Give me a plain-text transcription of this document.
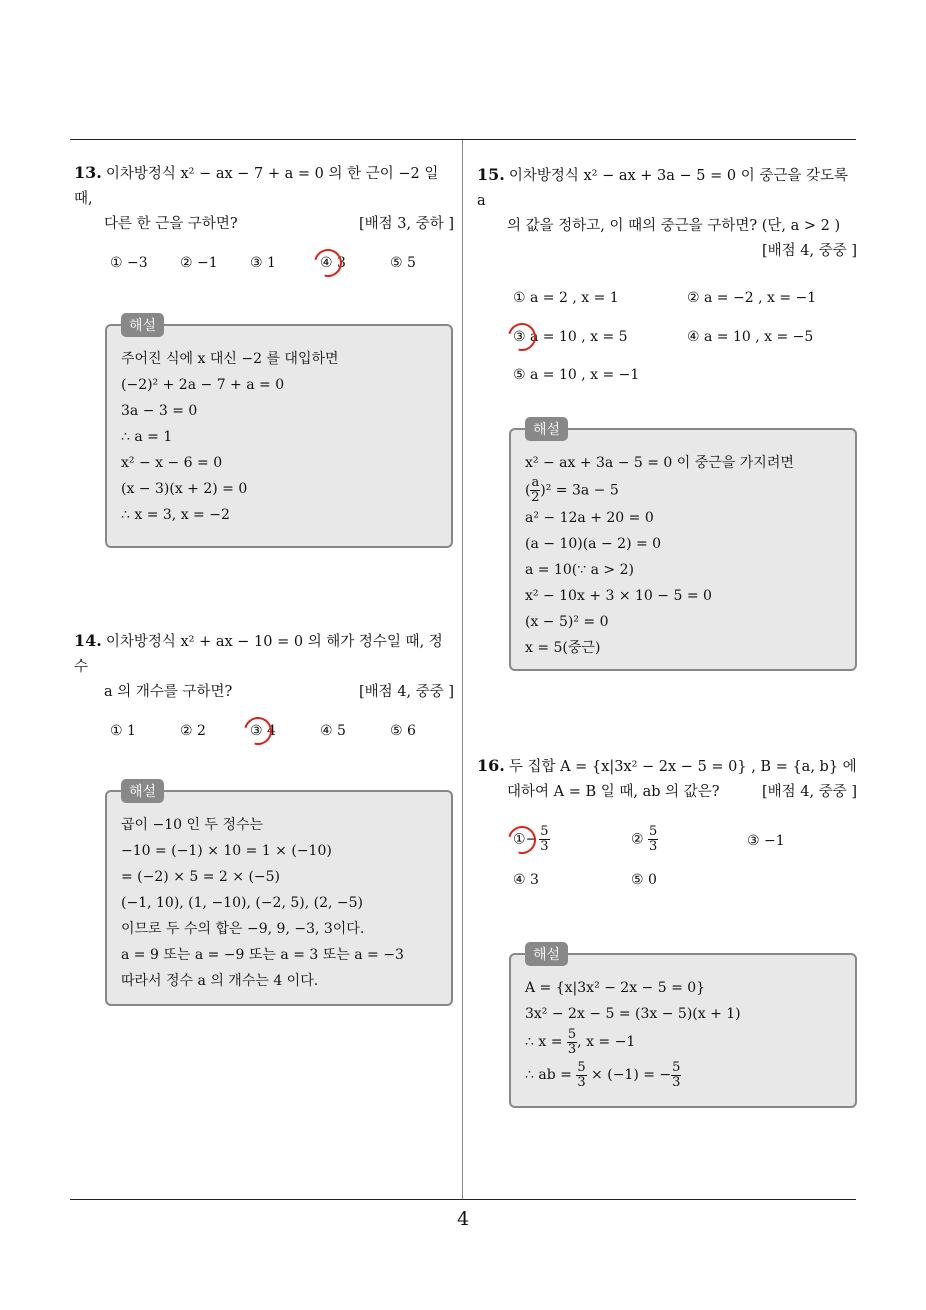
4
13. 이차방정식 x² − ax − 7 + a = 0 의 한 근이 −2 일 때,
다른 한 근을 구하면?	[배점 3, 중하 ]
① −3 ② −1 ③ 1	④ 3	⑤ 5
해설
주어진 식에 x 대신 −2 를 대입하면
(−2)² + 2a − 7 + a = 0
3a − 3 = 0
∴ a = 1
x² − x − 6 = 0
(x − 3)(x + 2) = 0
∴ x = 3, x = −2
14. 이차방정식 x² + ax − 10 = 0 의 해가 정수일 때, 정수
a 의 개수를 구하면?	[배점 4, 중중 ]
① 1	② 2	③ 4	④ 5	⑤ 6
해설
곱이 −10 인 두 정수는
−10 = (−1) × 10 = 1 × (−10)
= (−2) × 5 = 2 × (−5)
(−1, 10), (1, −10), (−2, 5), (2, −5)
이므로 두 수의 합은 −9, 9, −3, 3이다.
a = 9 또는 a = −9 또는 a = 3 또는 a = −3
따라서 정수 a 의 개수는 4 이다.
15. 이차방정식 x² − ax + 3a − 5 = 0 이 중근을 갖도록 a
의 값을 정하고, 이 때의 중근을 구하면? (단, a > 2 )
[배점 4, 중중 ]
① a = 2 , x = 1	② a = −2 , x = −1
③ a = 10 , x = 5	④ a = 10 , x = −5
⑤ a = 10 , x = −1
해설
x² − ax + 3a − 5 = 0 이 중근을 가지려면
( $\frac{a}{2} )^2 = 3a - 5$
a² − 12a + 20 = 0
(a − 10)(a − 2) = 0
a = 10(∵ a > 2)
x² − 10x + 3 × 10 − 5 = 0
(x − 5)² = 0
x = 5(중근)
16. 두 집합 A = {x|3x² − 2x − 5 = 0} , B = {a, b} 에
대하여 A = B 일 때, ab 의 값은?	[배점 4, 중중 ]
①− $\frac{5}{3}$	② $\frac{5}{3}$	③ −1
④ 3	⑤ 0
해설
A = {x|3x² − 2x − 5 = 0}
3x² − 2x − 5 = (3x − 5)(x + 1)
∴ $x = \frac{5}{3}$ , x = −1
∴ ab = $\frac{5}{3} \times (-1)$ = − $\frac{5}{3}$
